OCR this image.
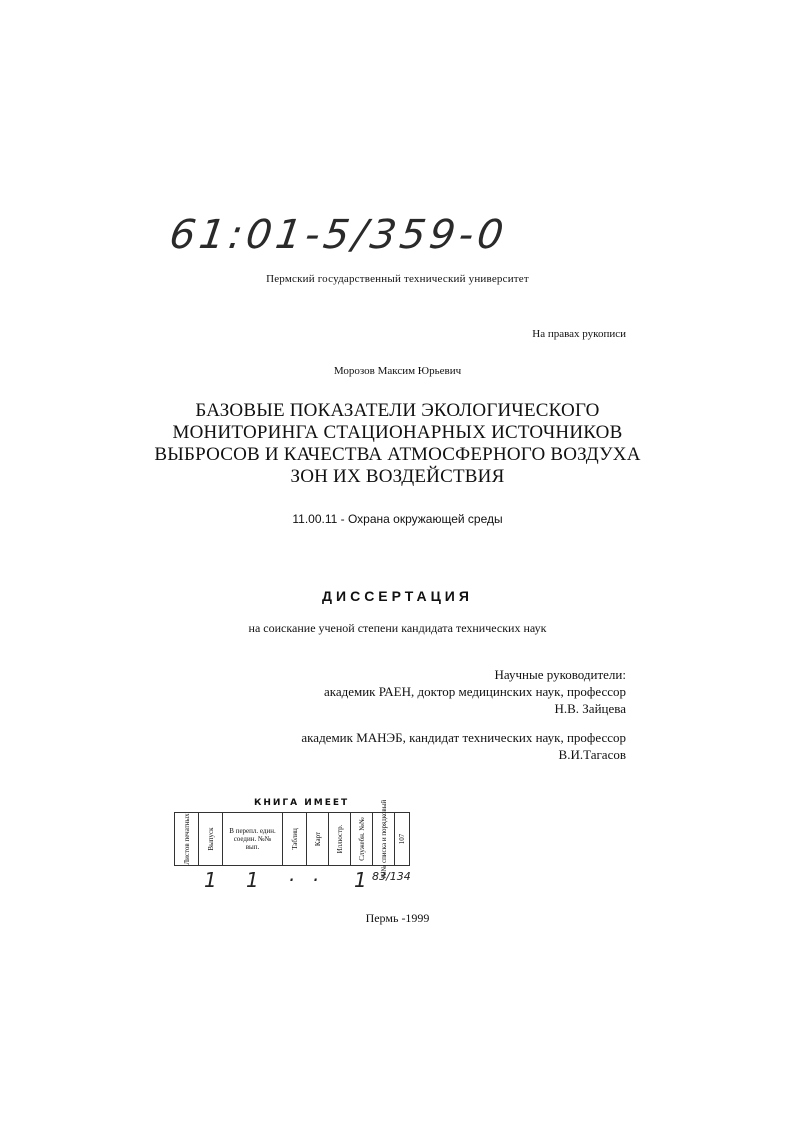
61:01-5/359-0
Пермский государственный технический университет
На правах рукописи
Морозов Максим Юрьевич
БАЗОВЫЕ ПОКАЗАТЕЛИ ЭКОЛОГИЧЕСКОГО
МОНИТОРИНГА СТАЦИОНАРНЫХ ИСТОЧНИКОВ
ВЫБРОСОВ И КАЧЕСТВА АТМОСФЕРНОГО ВОЗДУХА
ЗОН ИХ ВОЗДЕЙСТВИЯ
11.00.11 - Охрана окружающей среды
ДИССЕРТАЦИЯ
на соискание ученой степени кандидата технических наук
Научные руководители:
академик РАЕН, доктор медицинских наук, профессор
Н.В. Зайцева
академик МАНЭБ, кандидат технических наук, профессор
В.И.Тагасов
КНИГА ИМЕЕТ
Листов печатных Выпуск В перепл. един. соедин. №№ вып.	Таблиц Карт Иллюстр. Служебн. №№ №№ списка и порядковый 107
1 1 · · 1 83/134
Пермь -1999
